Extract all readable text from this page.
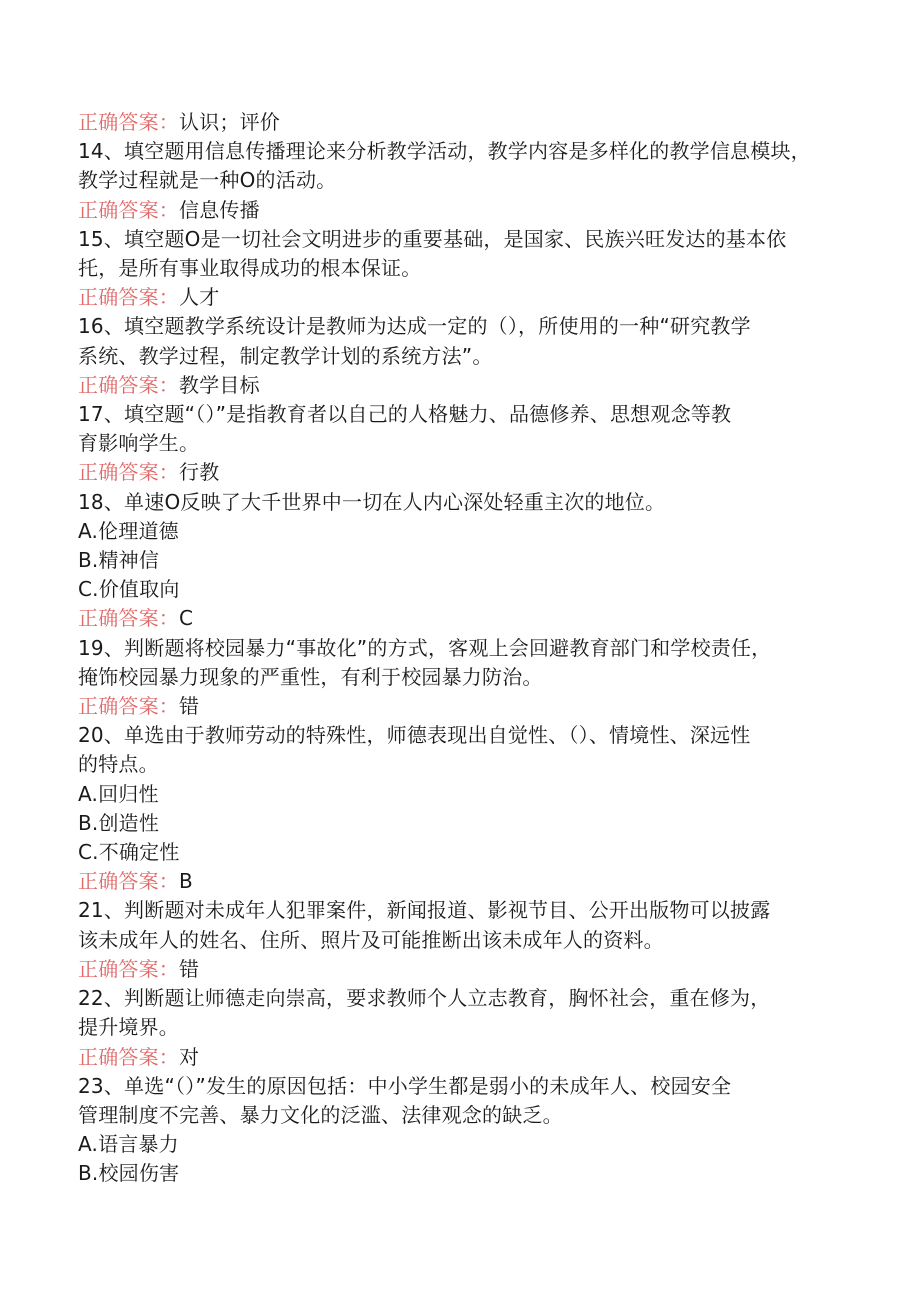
正确答案：认识；评价
14、填空题用信息传播理论来分析教学活动，教学内容是多样化的教学信息模块，
教学过程就是一种O的活动。
正确答案：信息传播
15、填空题O是一切社会文明进步的重要基础，是国家、民族兴旺发达的基本依
托，是所有事业取得成功的根本保证。
正确答案：人才
16、填空题教学系统设计是教师为达成一定的（），所使用的一种“研究教学
系统、教学过程，制定教学计划的系统方法”。
正确答案：教学目标
17、填空题“（）”是指教育者以自己的人格魅力、品德修养、思想观念等教
育影响学生。
正确答案：行教
18、单速O反映了大千世界中一切在人内心深处轻重主次的地位。
A.伦理道德
B.精神信
C.价值取向
正确答案：C
19、判断题将校园暴力“事故化”的方式，客观上会回避教育部门和学校责任，
掩饰校园暴力现象的严重性，有利于校园暴力防治。
正确答案：错
20、单选由于教师劳动的特殊性，师德表现出自觉性、（）、情境性、深远性
的特点。
A.回归性
B.创造性
C.不确定性
正确答案：B
21、判断题对未成年人犯罪案件，新闻报道、影视节目、公开出版物可以披露
该未成年人的姓名、住所、照片及可能推断出该未成年人的资料。
正确答案：错
22、判断题让师德走向崇高，要求教师个人立志教育，胸怀社会，重在修为，
提升境界。
正确答案：对
23、单选“（）”发生的原因包括：中小学生都是弱小的未成年人、校园安全
管理制度不完善、暴力文化的泛滥、法律观念的缺乏。
A.语言暴力
B.校园伤害
